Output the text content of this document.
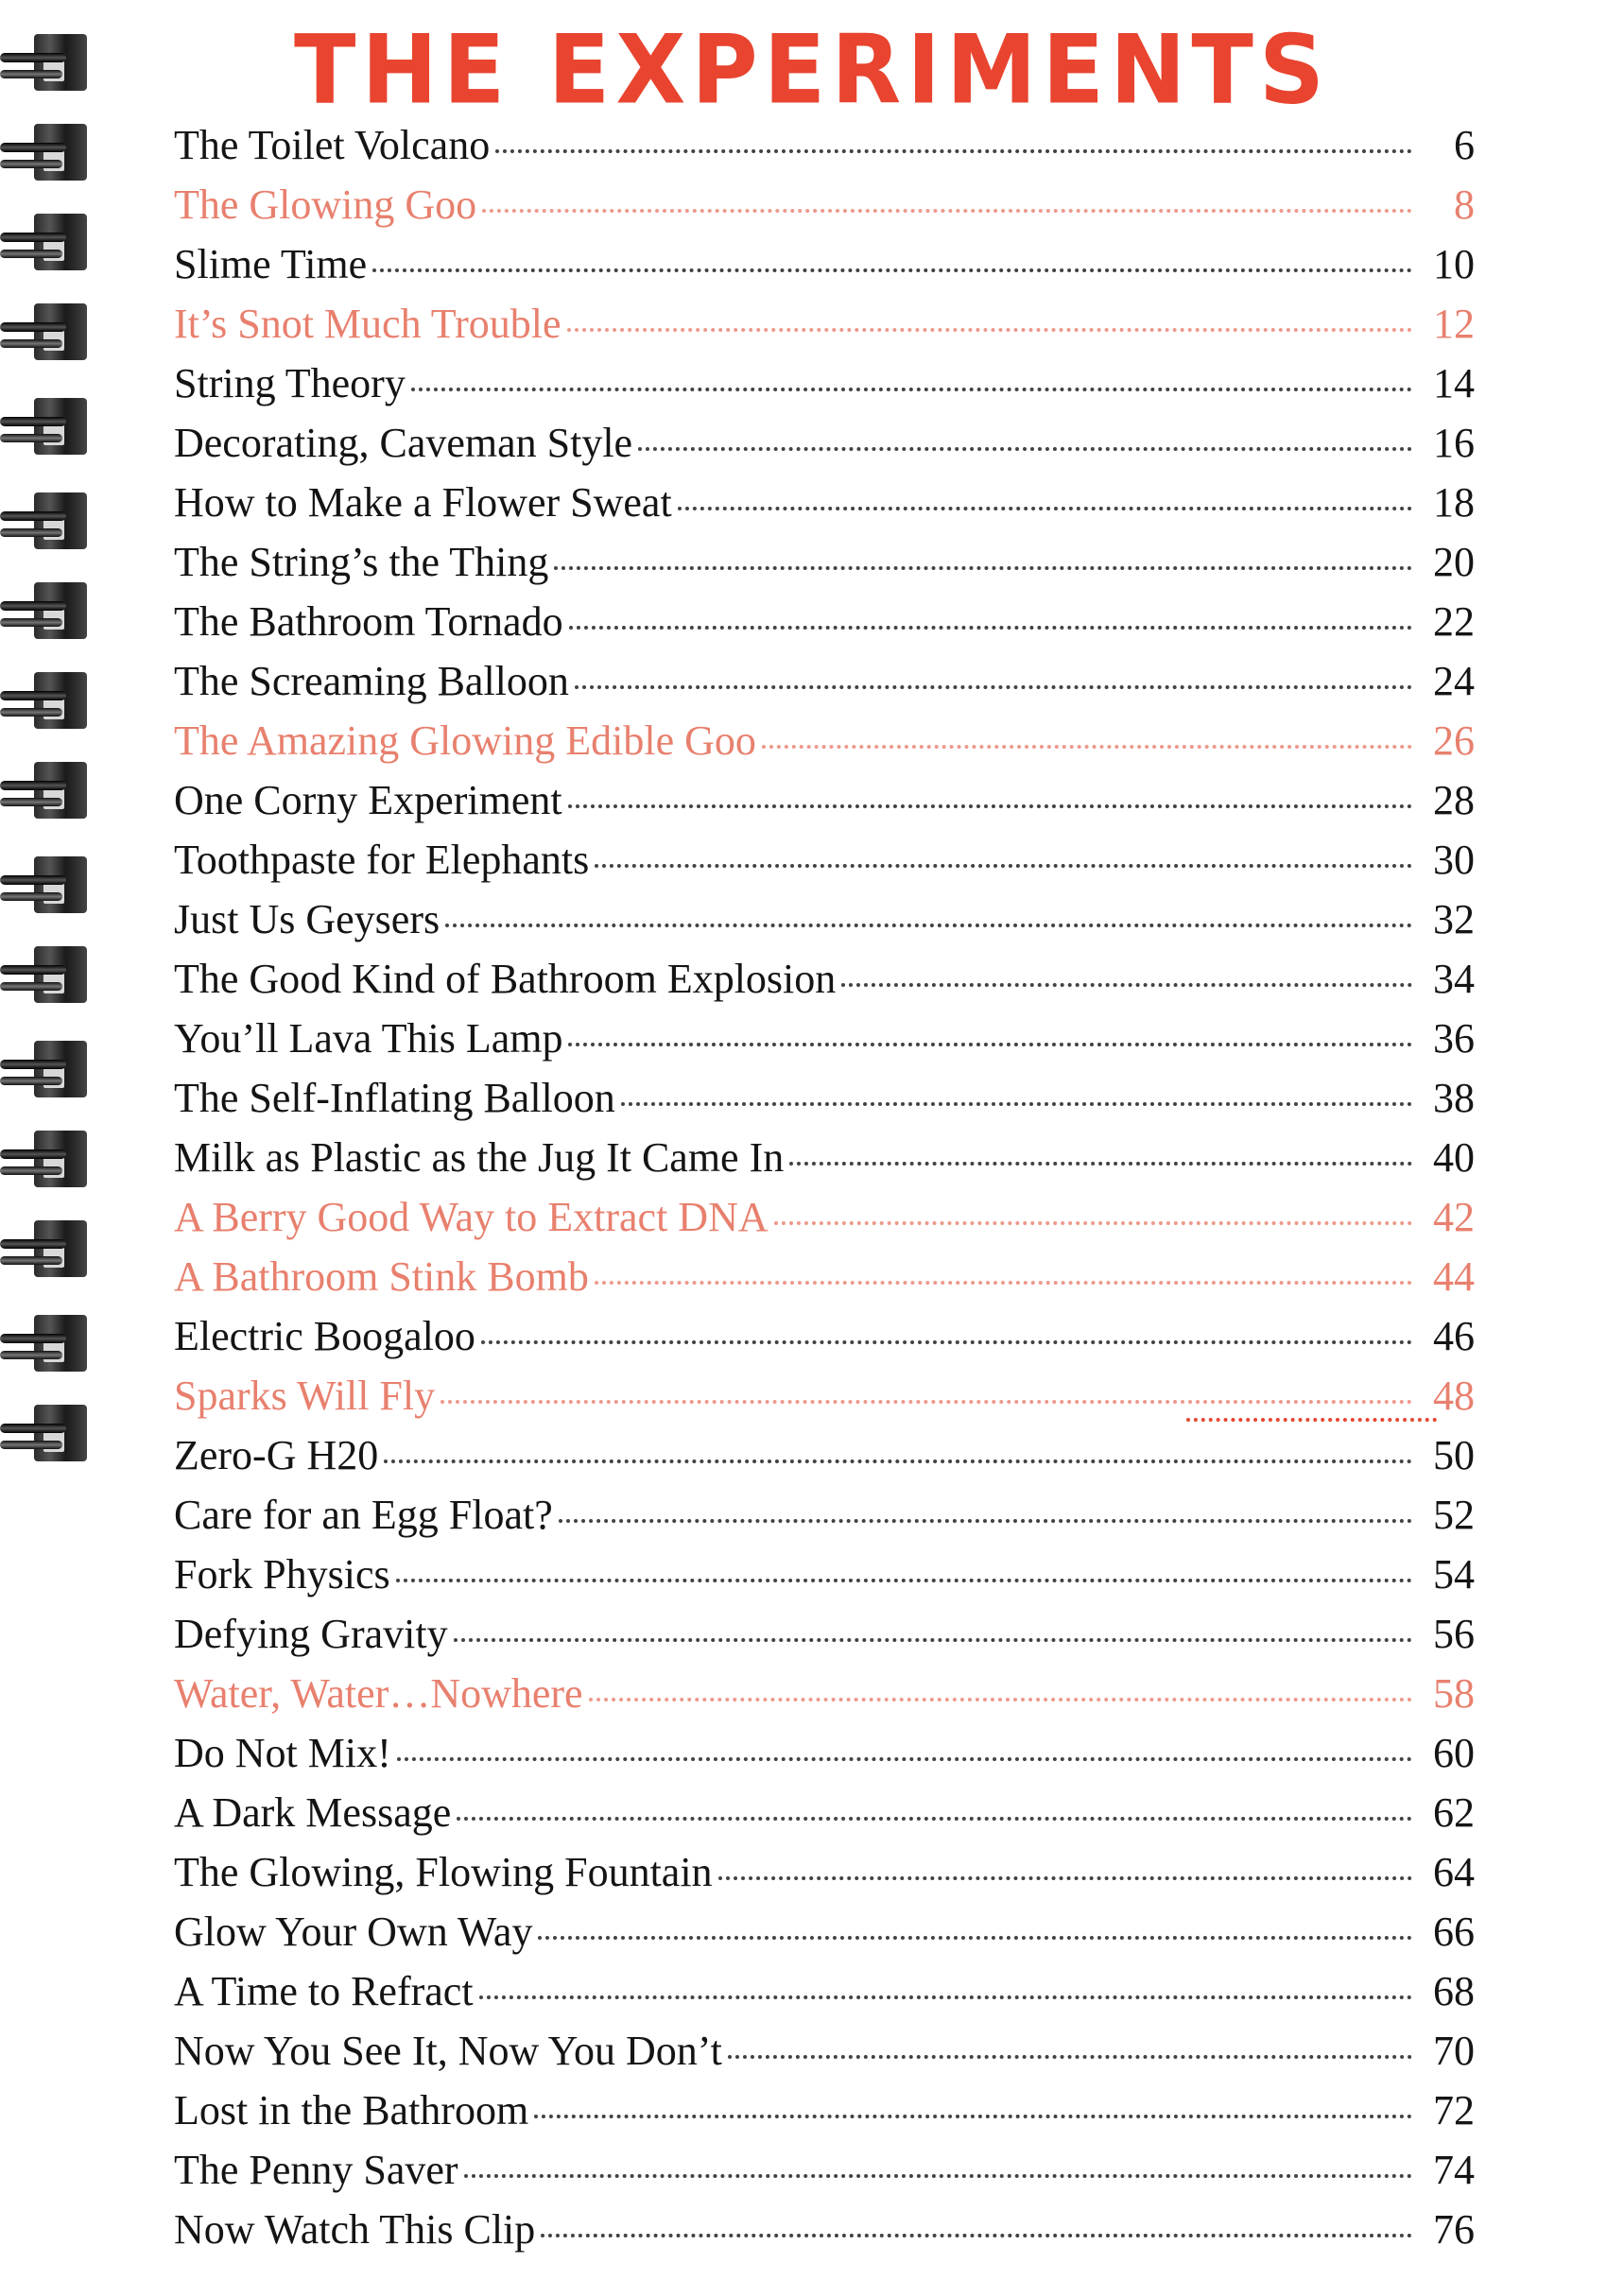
THE EXPERIMENTS
The Toilet Volcano	6
The Glowing Goo	8
Slime Time	10
It’s Snot Much Trouble	12
String Theory	14
Decorating, Caveman Style	16
How to Make a Flower Sweat	18
The String’s the Thing	20
The Bathroom Tornado	22
The Screaming Balloon	24
The Amazing Glowing Edible Goo	26
One Corny Experiment	28
Toothpaste for Elephants	30
Just Us Geysers	32
The Good Kind of Bathroom Explosion	34
You’ll Lava This Lamp	36
The Self-Inflating Balloon	38
Milk as Plastic as the Jug It Came In	40
A Berry Good Way to Extract DNA	42
A Bathroom Stink Bomb	44
Electric Boogaloo	46
Sparks Will Fly	48
Zero-G H20	50
Care for an Egg Float?	52
Fork Physics	54
Defying Gravity	56
Water, Water…Nowhere	58
Do Not Mix!	60
A Dark Message	62
The Glowing, Flowing Fountain	64
Glow Your Own Way	66
A Time to Refract	68
Now You See It, Now You Don’t	70
Lost in the Bathroom	72
The Penny Saver	74
Now Watch This Clip	76
